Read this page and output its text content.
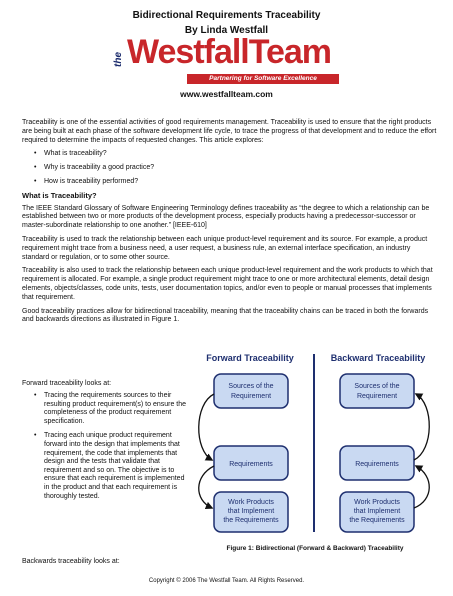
Bidirectional Requirements Traceability
By Linda Westfall
the WestfallTeam
Partnering for Software Excellence
www.westfallteam.com

Traceability is one of the essential activities of good requirements management. Traceability is used to ensure that the right products are being built at each phase of the software development life cycle, to trace the progress of that development and to reduce the effort required to determine the impacts of requested changes. This article explores:

• What is traceability?
• Why is traceability a good practice?
• How is traceability performed?
What is Traceability?

The IEEE Standard Glossary of Software Engineering Terminology defines traceability as “the degree to which a relationship can be established between two or more products of the development process, especially products having a predecessor-successor or master-subordinate relationship to one another.” [IEEE-610]

Traceability is used to track the relationship between each unique product-level requirement and its source. For example, a product requirement might trace from a business need, a user request, a business rule, an external interface specification, an industry standard or regulation, or to some other source.

Traceability is also used to track the relationship between each unique product-level requirement and the work products to which that requirement is allocated. For example, a single product requirement might trace to one or more architectural elements, detail design elements, objects/classes, code units, tests, user documentation topics, and/or even to people or manual processes that implements that requirement.

Good traceability practices allow for bidirectional traceability, meaning that the traceability chains can be traced in both the forwards and backwards directions as illustrated in Figure 1.

Forward traceability looks at:
• Tracing the requirements sources to their resulting product requirement(s) to ensure the completeness of the product requirement specification.
• Tracing each unique product requirement forward into the design that implements that requirement, the code that implements that design and the tests that validate that requirement and so on. The objective is to ensure that each requirement is implemented in the product and that each requirement is thoroughly tested.
Backwards traceability looks at:
Forward Traceability	Backward Traceability
Sources of the
Requirement
Requirements
Work Products
that Implement
the Requirements
Sources of the
Requirement
Requirements
Work Products
that Implement
the Requirements
Figure 1: Bidirectional (Forward & Backward) Traceability
Copyright © 2006 The Westfall Team. All Rights Reserved.
